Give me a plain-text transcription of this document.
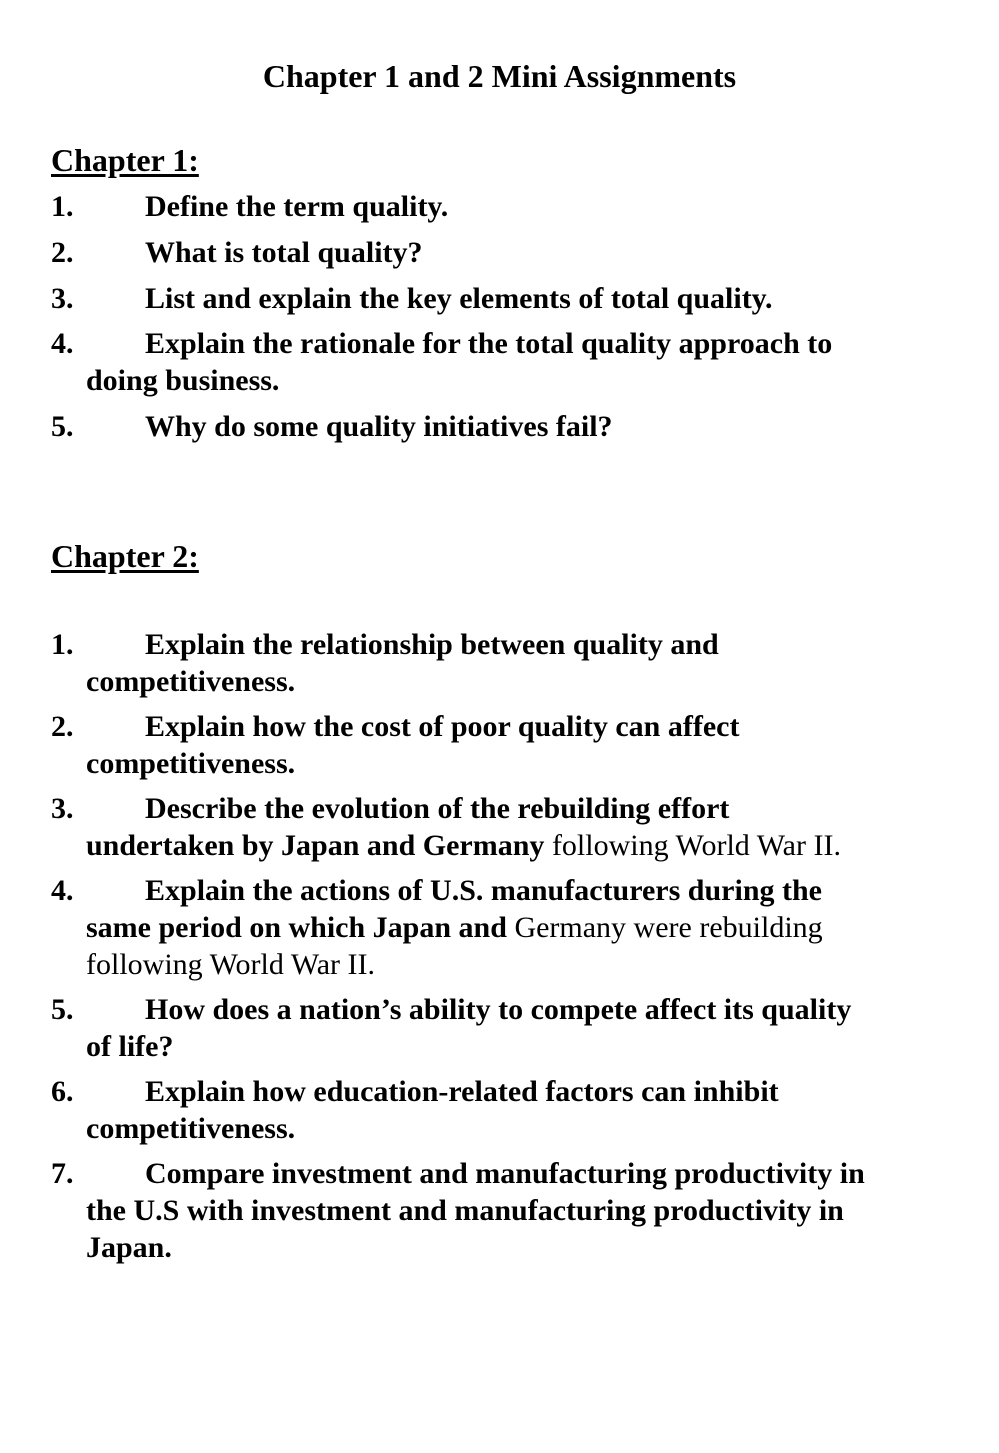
Chapter 1 and 2 Mini Assignments
Chapter 1:
1. Define the term quality.
2. What is total quality?
3. List and explain the key elements of total quality.
4. Explain the rationale for the total quality approach to
doing business.
5. Why do some quality initiatives fail?
Chapter 2:
1. Explain the relationship between quality and
competitiveness.
2. Explain how the cost of poor quality can affect
competitiveness.
3. Describe the evolution of the rebuilding effort
undertaken by Japan and Germany following World War II.
4. Explain the actions of U.S. manufacturers during the
same period on which Japan and Germany were rebuilding
following World War II.
5. How does a nation’s ability to compete affect its quality
of life?
6. Explain how education-related factors can inhibit
competitiveness.
7. Compare investment and manufacturing productivity in
the U.S with investment and manufacturing productivity in
Japan.
